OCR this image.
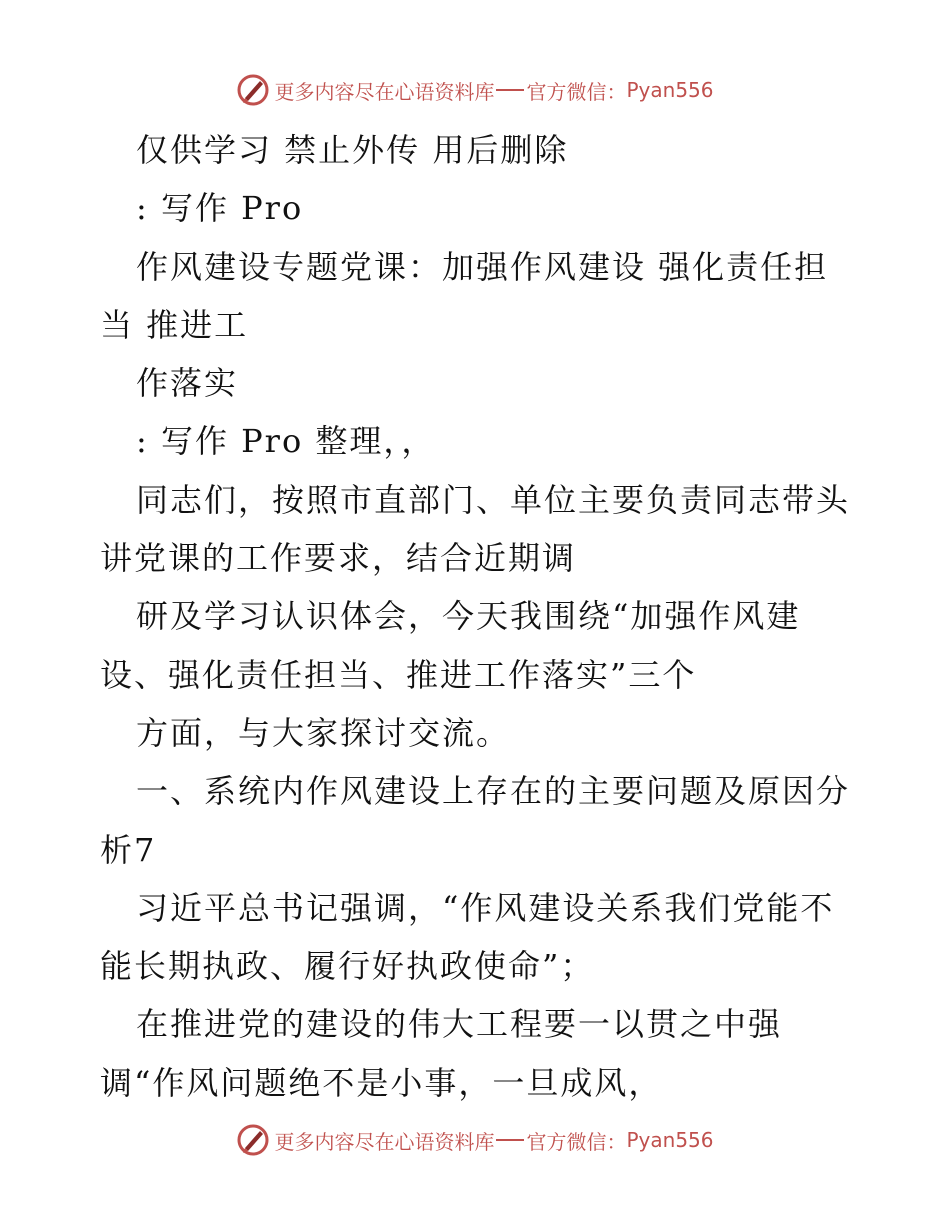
更多内容尽在心语资料库 官方微信： Pyan556
仅供学习 禁止外传 用后删除
: 写作 Pro
作风建设专题党课：加强作风建设 强化责任担
当 推进工
作落实
: 写作 Pro 整理，，
同志们，按照市直部门、单位主要负责同志带头
讲党课的工作要求，结合近期调
研及学习认识体会，今天我围绕“加强作风建
设、强化责任担当、推进工作落实”三个
方面，与大家探讨交流。
一、系统内作风建设上存在的主要问题及原因分
析7
习近平总书记强调，“作风建设关系我们党能不
能长期执政、履行好执政使命”；
在推进党的建设的伟大工程要一以贯之中强
调“作风问题绝不是小事，一旦成风，
更多内容尽在心语资料库 官方微信： Pyan556
